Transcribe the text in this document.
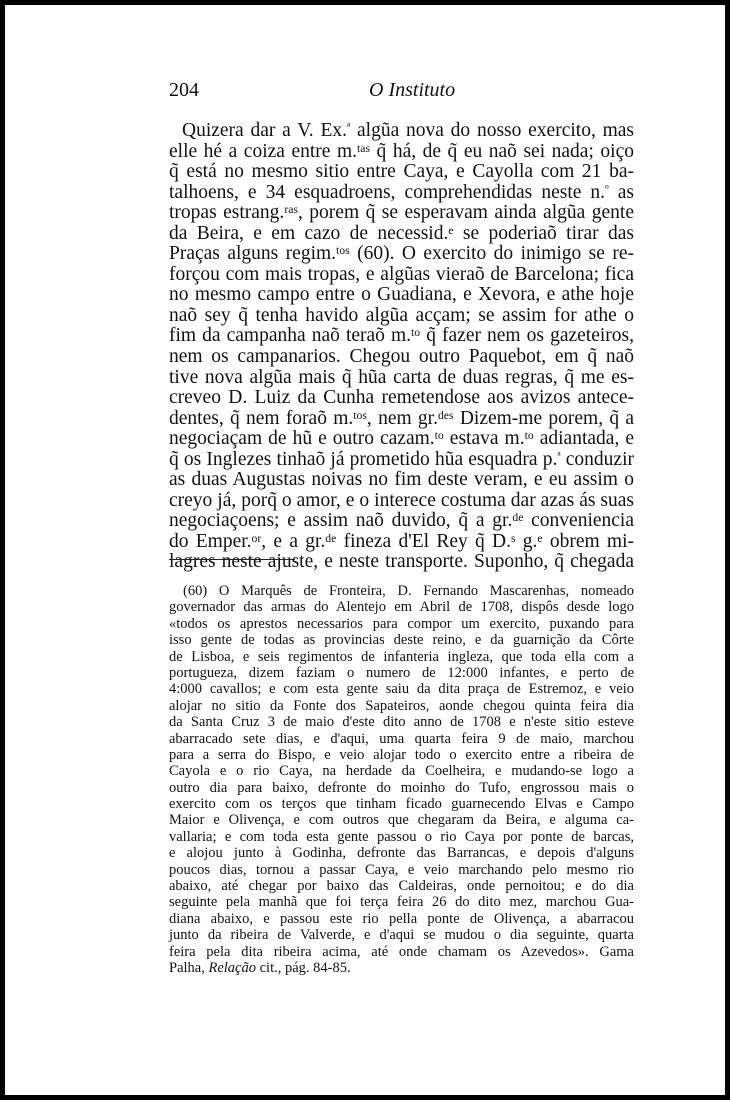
204	O Instituto
Quizera dar a V. Ex.$^ª$ algũa nova do nosso exercito, mas
elle hé a coiza entre m.$^{tas}$ q̃ há, de q̃ eu naõ sei nada; oiço
q̃ está no mesmo sitio entre Caya, e Cayolla com 21 ba-
talhoens, e 34 esquadroens, comprehendidas neste n.$^º$ as
tropas estrang.$^{ras}$, porem q̃ se esperavam ainda algũa gente
da Beira, e em cazo de necessid.$^e$ se poderiaõ tirar das
Praças alguns regim.$^{tos}$ (60). O exercito do inimigo se re-
forçou com mais tropas, e algũas vieraõ de Barcelona; fica
no mesmo campo entre o Guadiana, e Xevora, e athe hoje
naõ sey q̃ tenha havido algũa acçam; se assim for athe o
fim da campanha naõ teraõ m.$^{to}$ q̃ fazer nem os gazeteiros,
nem os campanarios. Chegou outro Paquebot, em q̃ naõ
tive nova algũa mais q̃ hũa carta de duas regras, q̃ me es-
creveo D. Luiz da Cunha remetendose aos avizos antece-
dentes, q̃ nem foraõ m.$^{tos}$, nem gr.$^{des}$ Dizem-me porem, q̃ a
negociaçam de hũ e outro cazam.$^{to}$ estava m.$^{to}$ adiantada, e
q̃ os Inglezes tinhaõ já prometido hũa esquadra p.$^ª$ conduzir
as duas Augustas noivas no fim deste veram, e eu assim o
creyo já, porq̃ o amor, e o interece costuma dar azas ás suas
negociaçoens; e assim naõ duvido, q̃ a gr.$^{de}$ conveniencia
do Emper.$^{or}$, e a gr.$^{de}$ fineza d'El Rey q̃ D.$^s$ g.$^e$ obrem mi-
lagres neste ajuste, e neste transporte. Suponho, q̃ chegada
(60) O Marquês de Fronteira, D. Fernando Mascarenhas, nomeado
governador das armas do Alentejo em Abril de 1708, dispôs desde logo
«todos os aprestos necessarios para compor um exercito, puxando para
isso gente de todas as provincias deste reino, e da guarnição da Côrte
de Lisboa, e seis regimentos de infanteria ingleza, que toda ella com a
portugueza, dizem faziam o numero de 12:000 infantes, e perto de
4:000 cavallos; e com esta gente saiu da dita praça de Estremoz, e veio
alojar no sitio da Fonte dos Sapateiros, aonde chegou quinta feira dia
da Santa Cruz 3 de maio d'este dito anno de 1708 e n'este sitio esteve
abarracado sete dias, e d'aqui, uma quarta feira 9 de maio, marchou
para a serra do Bispo, e veio alojar todo o exercito entre a ribeira de
Cayola e o rio Caya, na herdade da Coelheira, e mudando-se logo a
outro dia para baixo, defronte do moinho do Tufo, engrossou mais o
exercito com os terços que tinham ficado guarnecendo Elvas e Campo
Maior e Olivença, e com outros que chegaram da Beira, e alguma ca-
vallaria; e com toda esta gente passou o rio Caya por ponte de barcas,
e alojou junto à Godinha, defronte das Barrancas, e depois d'alguns
poucos dias, tornou a passar Caya, e veio marchando pelo mesmo rio
abaixo, até chegar por baixo das Caldeiras, onde pernoitou; e do dia
seguinte pela manhã que foi terça feira 26 do dito mez, marchou Gua-
diana abaixo, e passou este rio pella ponte de Olivença, a abarracou
junto da ribeira de Valverde, e d'aqui se mudou o dia seguinte, quarta
feira pela dita ribeira acima, até onde chamam os Azevedos». Gama
Palha, Relação cit., pág. 84-85.
